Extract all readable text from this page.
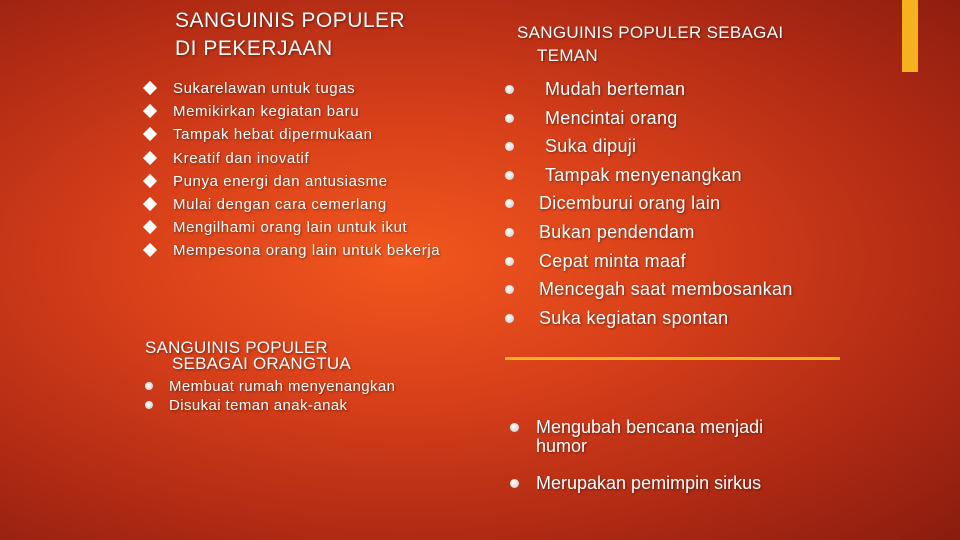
SANGUINIS POPULER
DI PEKERJAAN
Sukarelawan untuk tugas
Memikirkan kegiatan baru
Tampak hebat dipermukaan
Kreatif dan inovatif
Punya energi dan antusiasme
Mulai dengan cara cemerlang
Mengilhami orang lain untuk ikut
Mempesona orang lain untuk bekerja
SANGUINIS POPULER SEBAGAI
TEMAN
Mudah berteman
Mencintai orang
Suka dipuji
Tampak menyenangkan
Dicemburui orang lain
Bukan pendendam
Cepat minta maaf
Mencegah saat membosankan
Suka kegiatan spontan
SANGUINIS POPULER
SEBAGAI ORANGTUA
Membuat rumah menyenangkan
Disukai teman anak-anak
Mengubah bencana menjadi
humor
Merupakan pemimpin sirkus
